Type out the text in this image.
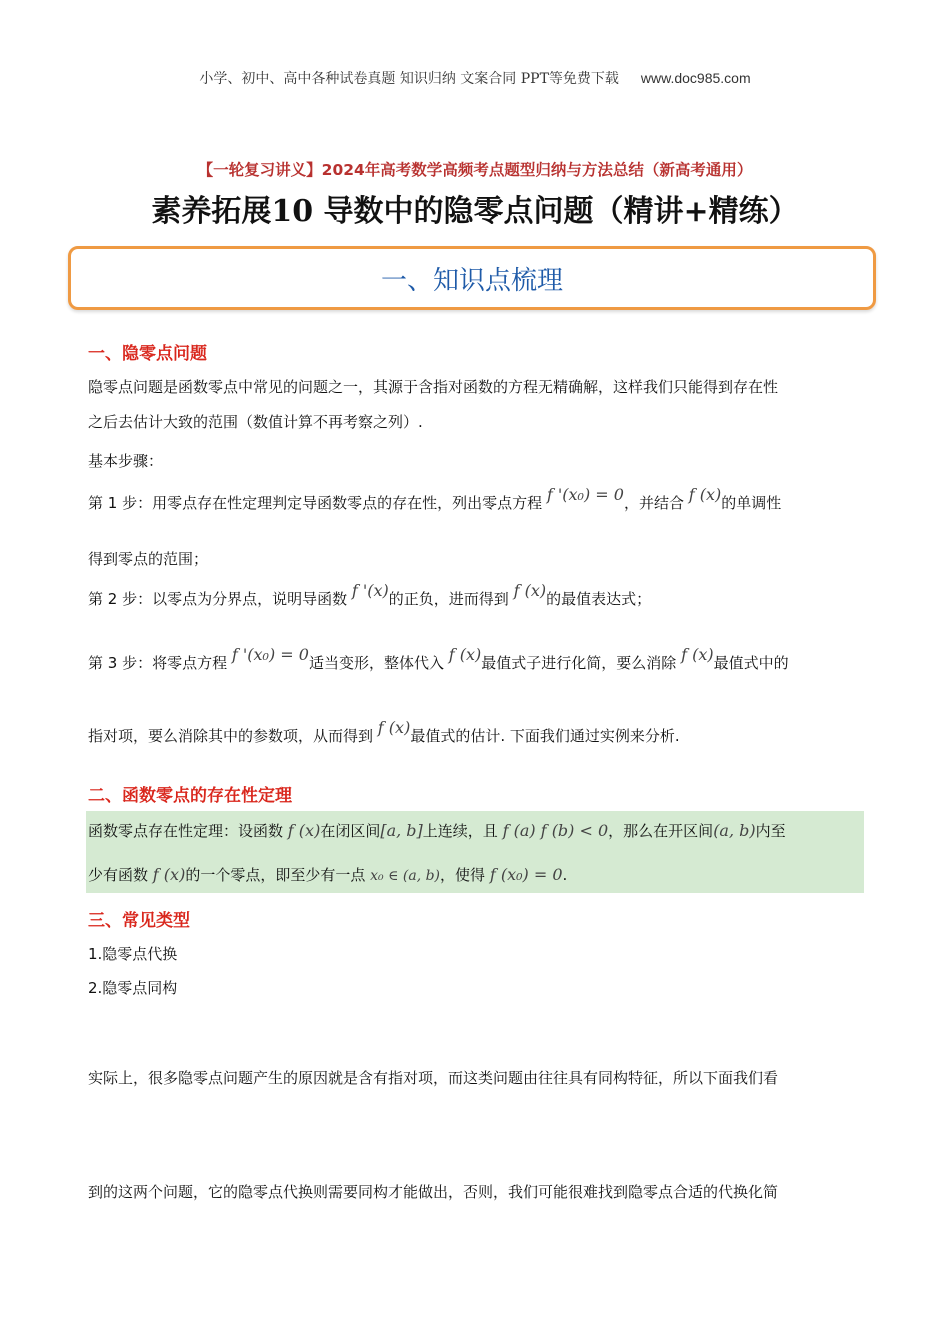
小学、初中、高中各种试卷真题 知识归纳 文案合同 PPT等免费下载 www.doc985.com
【一轮复习讲义】2024年高考数学高频考点题型归纳与方法总结（新高考通用）
素养拓展10 导数中的隐零点问题（精讲+精练）
一、知识点梳理
一、隐零点问题
隐零点问题是函数零点中常见的问题之一，其源于含指对函数的方程无精确解，这样我们只能得到存在性
之后去估计大致的范围（数值计算不再考察之列）.
基本步骤：
第 1 步：用零点存在性定理判定导函数零点的存在性，列出零点方程 f '(x₀) = 0，并结合 f (x)的单调性
得到零点的范围；
第 2 步：以零点为分界点，说明导函数 f '(x)的正负，进而得到 f (x)的最值表达式；
第 3 步：将零点方程 f '(x₀) = 0适当变形，整体代入 f (x)最值式子进行化简，要么消除 f (x)最值式中的
指对项，要么消除其中的参数项，从而得到 f (x)最值式的估计. 下面我们通过实例来分析.
二、函数零点的存在性定理
函数零点存在性定理：设函数 f (x)在闭区间[a, b]上连续，且 f (a) f (b) < 0，那么在开区间(a, b)内至
少有函数 f (x)的一个零点，即至少有一点 x₀ ∈ (a, b)，使得 f (x₀) = 0.
三、常见类型
1.隐零点代换
2.隐零点同构
实际上，很多隐零点问题产生的原因就是含有指对项，而这类问题由往往具有同构特征，所以下面我们看
到的这两个问题，它的隐零点代换则需要同构才能做出，否则，我们可能很难找到隐零点合适的代换化简
